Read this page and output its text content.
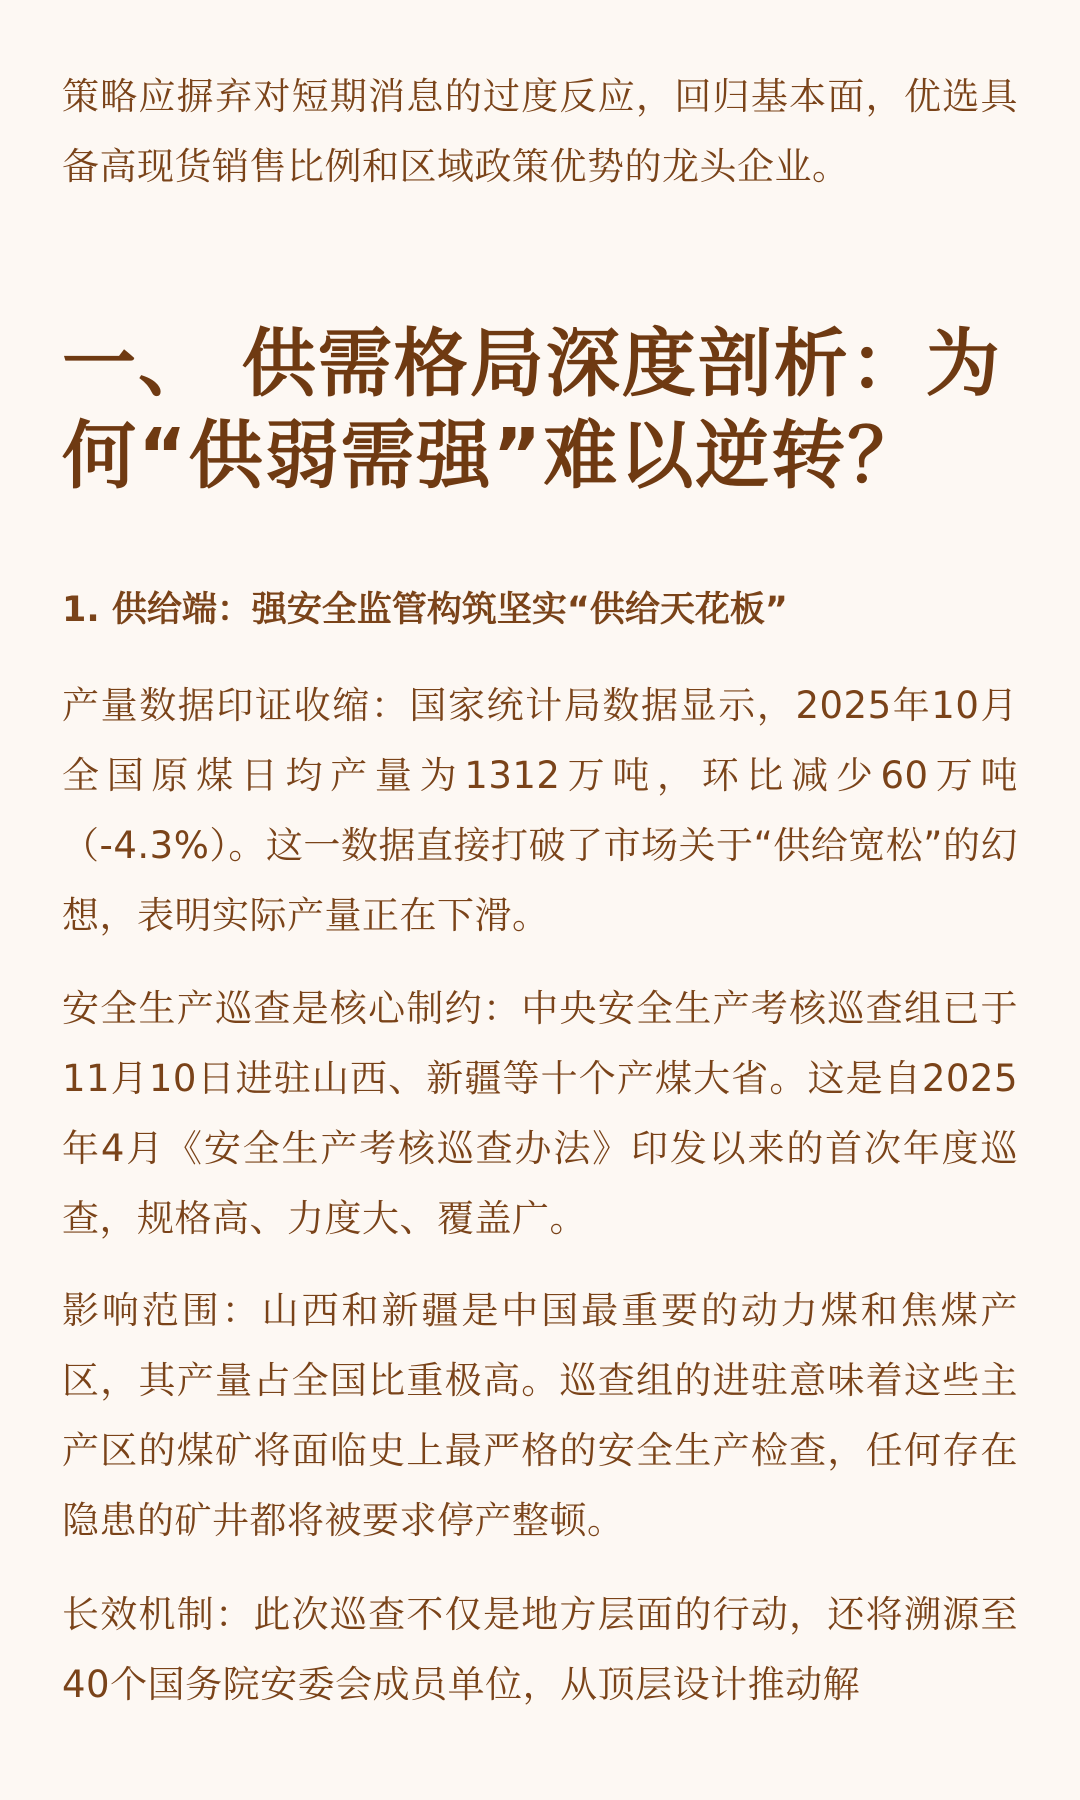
策略应摒弃对短期消息的过度反应，回归基本面，优选具备高现货销售比例和区域政策优势的龙头企业。

一、 供需格局深度剖析：为何“供弱需强”难以逆转？
1. 供给端：强安全监管构筑坚实“供给天花板”

产量数据印证收缩：国家统计局数据显示，2025年10月全国原煤日均产量为1312万吨，环比减少60万吨（-4.3%）。这一数据直接打破了市场关于“供给宽松”的幻想，表明实际产量正在下滑。

安全生产巡查是核心制约：中央安全生产考核巡查组已于11月10日进驻山西、新疆等十个产煤大省。这是自2025年4月《安全生产考核巡查办法》印发以来的首次年度巡查，规格高、力度大、覆盖广。

影响范围：山西和新疆是中国最重要的动力煤和焦煤产区，其产量占全国比重极高。巡查组的进驻意味着这些主产区的煤矿将面临史上最严格的安全生产检查，任何存在隐患的矿井都将被要求停产整顿。

长效机制：此次巡查不仅是地方层面的行动，还将溯源至40个国务院安委会成员单位，从顶层设计推动解
